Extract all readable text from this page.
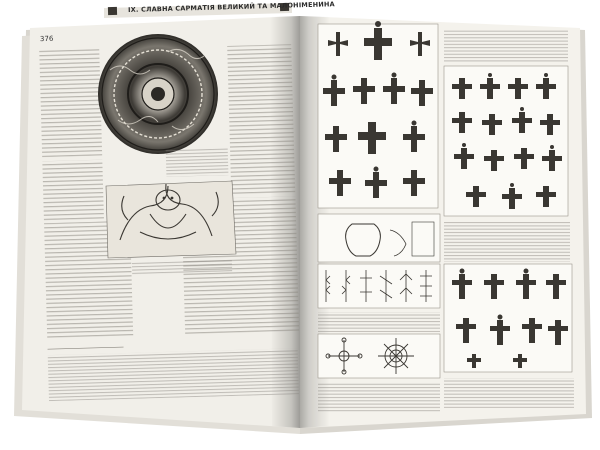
IX. СЛАВНА САРМАТІЯ ВЕЛИКИЙ ТА МАЛОНІМЕНИНА
376
